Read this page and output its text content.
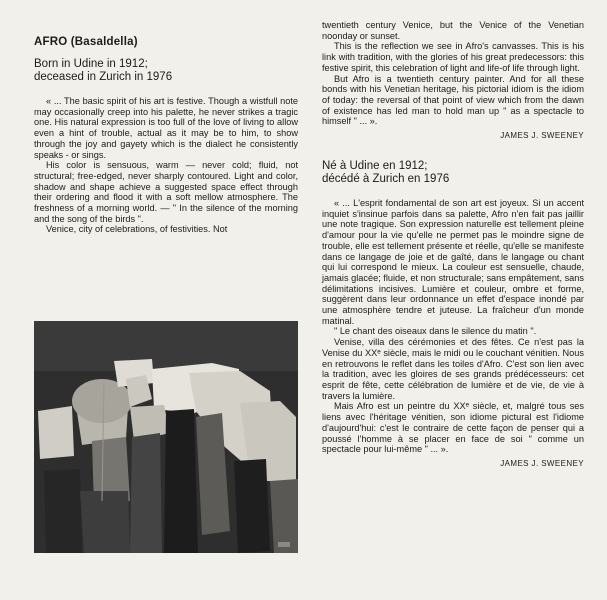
AFRO (Basaldella)
Born in Udine in 1912;
deceased in Zurich in 1976

« ... The basic spirit of his art is festive. Though a wistfull note may occasionally creep into his palette, he never strikes a tragic one. His natural expression is too full of the love of living to allow even a hint of trouble, actual as it may be to him, to show through the joy and gayety which is the dialect he consistently speaks - or sings.

His color is sensuous, warm — never cold; fluid, not structural; free-edged, never sharply contoured. Light and color, shadow and shape achieve a suggested space effect through their ordering and flood it with a soft mellow atmosphere. The freshness of a morning world. — " In the silence of the morning and the song of the birds ".

Venice, city of celebrations, of festivities. Not

twentieth century Venice, but the Venice of the Venetian noonday or sunset.

This is the reflection we see in Afro's canvasses. This is his link with tradition, with the glories of his great predecessors: this festive spirit, this celebration of light and life-of life through light.

But Afro is a twentieth century painter. And for all these bonds with his Venetian heritage, his pictorial idiom is the idiom of today: the reversal of that point of view which from the dawn of existence has led man to hold man up " as a spectacle to himself " ... ».

JAMES J. SWEENEY
Né à Udine en 1912;
décédé à Zurich en 1976

« ... L'esprit fondamental de son art est joyeux. Si un accent inquiet s'insinue parfois dans sa palette, Afro n'en fait pas jaillir une note tragique. Son expression naturelle est tellement pleine d'amour pour la vie qu'elle ne permet pas le moindre signe de trouble, elle est tellement présente et réelle, qu'elle se manifeste dans ce langage de joie et de gaîté, dans le langage ou chant qui lui correspond le mieux. La couleur est sensuelle, chaude, jamais glacée; fluide, et non structurale; sans empâtement, sans délimitations incisives. Lumière et couleur, ombre et forme, suggèrent dans leur ordonnance un effet d'espace inondé par une atmosphère tendre et juteuse. La fraîcheur d'un monde matinal.

" Le chant des oiseaux dans le silence du matin ".

Venise, villa des cérémonies et des fêtes. Ce n'est pas la Venise du XXᵉ siècle, mais le midi ou le couchant vénitien. Nous en retrouvons le reflet dans les toiles d'Afro. C'est son lien avec la tradition, avec les gloires de ses grands prédécesseurs: cet esprit de fête, cette célébration de lumière et de vie, de vie à travers la lumière.

Mais Afro est un peintre du XXᵉ siècle, et, malgré tous ses liens avec l'héritage vénitien, son idiome pictural est l'idiome d'aujourd'hui: c'est le contraire de cette façon de penser qui a poussé l'homme à se placer en face de soi " comme un spectacle pour lui-même " ... ».

JAMES J. SWEENEY
